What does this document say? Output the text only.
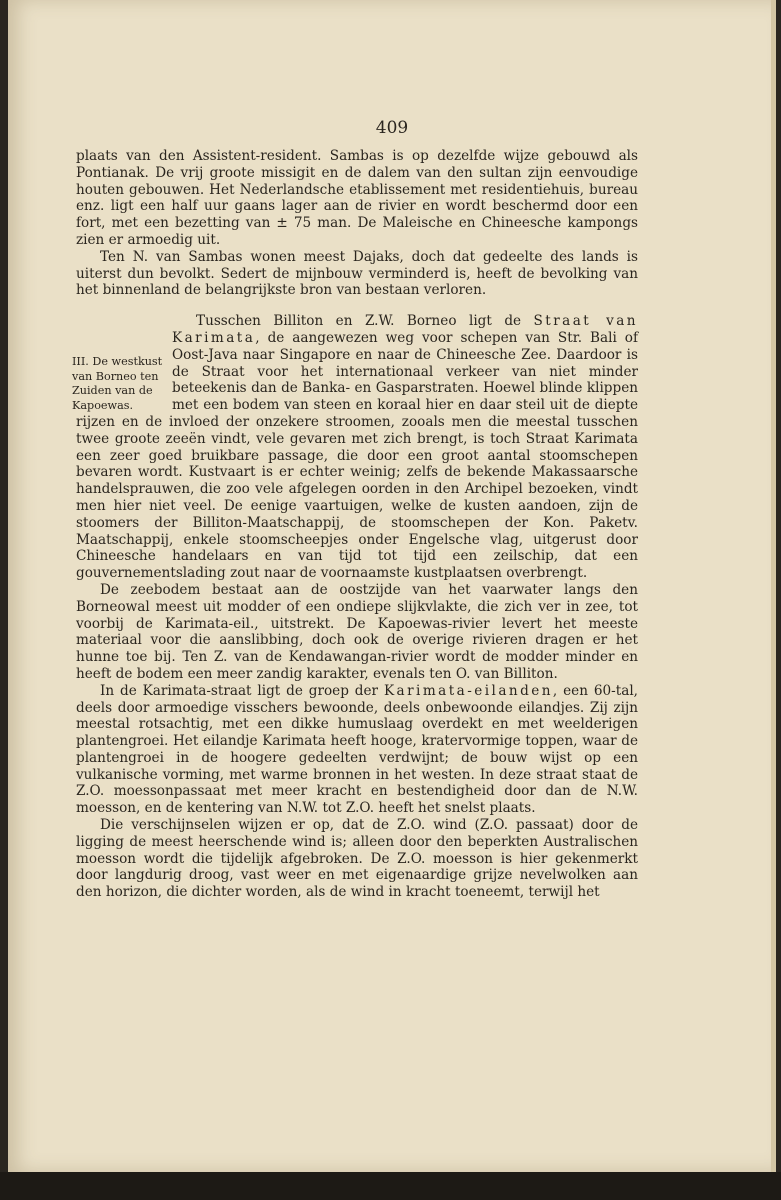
409
III. De westkust van Borneo ten Zuiden van de Kapoewas.

plaats van den Assistent-resident. Sambas is op dezelfde wijze gebouwd als Pontianak. De vrij groote missigit en de dalem van den sultan zijn eenvoudige houten gebouwen. Het Nederlandsche etablissement met residentiehuis, bureau enz. ligt een half uur gaans lager aan de rivier en wordt beschermd door een fort, met een bezetting van ± 75 man. De Maleische en Chineesche kampongs zien er armoedig uit.

Ten N. van Sambas wonen meest Dajaks, doch dat gedeelte des lands is uiterst dun bevolkt. Sedert de mijnbouw verminderd is, heeft de bevolking van het binnenland de belangrijkste bron van bestaan verloren.

Tusschen Billiton en Z.W. Borneo ligt de Straat van Karimata, de aangewezen weg voor schepen van Str. Bali of Oost-Java naar Singapore en naar de Chineesche Zee. Daardoor is de Straat voor het internationaal verkeer van niet minder beteekenis dan de Banka- en Gasparstraten. Hoewel blinde klippen met een bodem van steen en koraal hier en daar steil uit de diepte rijzen en de invloed der onzekere stroomen, zooals men die meestal tusschen twee groote zeeën vindt, vele gevaren met zich brengt, is toch Straat Karimata een zeer goed bruikbare passage, die door een groot aantal stoomschepen bevaren wordt. Kustvaart is er echter weinig; zelfs de bekende Makassaarsche handelsprauwen, die zoo vele afgelegen oorden in den Archipel bezoeken, vindt men hier niet veel. De eenige vaartuigen, welke de kusten aandoen, zijn de stoomers der Billiton-Maatschappij, de stoomschepen der Kon. Paketv. Maatschappij, enkele stoomscheepjes onder Engelsche vlag, uitgerust door Chineesche handelaars en van tijd tot tijd een zeilschip, dat een gouvernementslading zout naar de voornaamste kustplaatsen overbrengt.

De zeebodem bestaat aan de oostzijde van het vaarwater langs den Borneowal meest uit modder of een ondiepe slijkvlakte, die zich ver in zee, tot voorbij de Karimata-eil., uitstrekt. De Kapoewas-rivier levert het meeste materiaal voor die aanslibbing, doch ook de overige rivieren dragen er het hunne toe bij. Ten Z. van de Kendawangan-rivier wordt de modder minder en heeft de bodem een meer zandig karakter, evenals ten O. van Billiton.

In de Karimata-straat ligt de groep der Karimata-eilanden, een 60-tal, deels door armoedige visschers bewoonde, deels onbewoonde eilandjes. Zij zijn meestal rotsachtig, met een dikke humuslaag overdekt en met weelderigen plantengroei. Het eilandje Karimata heeft hooge, kratervormige toppen, waar de plantengroei in de hoogere gedeelten verdwijnt; de bouw wijst op een vulkanische vorming, met warme bronnen in het westen. In deze straat staat de Z.O. moessonpassaat met meer kracht en bestendigheid door dan de N.W. moesson, en de kentering van N.W. tot Z.O. heeft het snelst plaats.

Die verschijnselen wijzen er op, dat de Z.O. wind (Z.O. passaat) door de ligging de meest heerschende wind is; alleen door den beperkten Australischen moesson wordt die tijdelijk afgebroken. De Z.O. moesson is hier gekenmerkt door langdurig droog, vast weer en met eigenaardige grijze nevelwolken aan den horizon, die dichter worden, als de wind in kracht toeneemt, terwijl het
